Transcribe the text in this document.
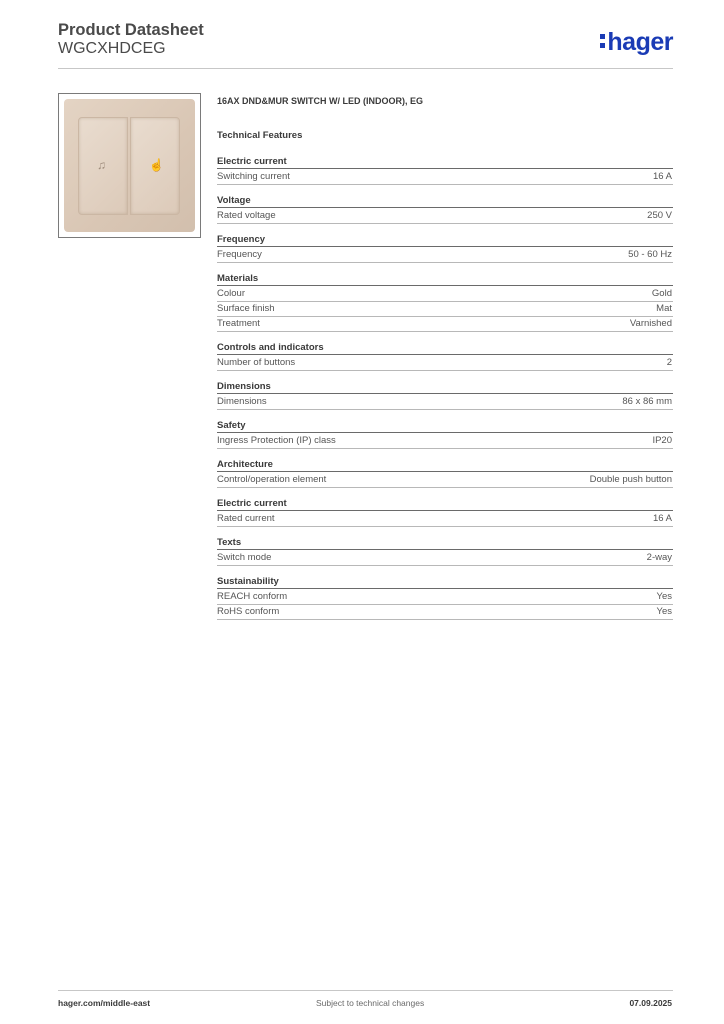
Product Datasheet
WGCXHDCEG	hager
♫	☝
16AX DND&MUR SWITCH W/ LED (INDOOR), EG
Technical Features
Electric current
Switching current	16 A
Voltage
Rated voltage	250 V
Frequency
Frequency	50 - 60 Hz
Materials
Colour	Gold
Surface finish	Mat
Treatment	Varnished
Controls and indicators
Number of buttons	2
Dimensions
Dimensions	86 x 86 mm
Safety
Ingress Protection (IP) class	IP20
Architecture
Control/operation element	Double push button
Electric current
Rated current	16 A
Texts
Switch mode	2-way
Sustainability
REACH conform	Yes
RoHS conform	Yes
hager.com/middle-east	Subject to technical changes	07.09.2025
